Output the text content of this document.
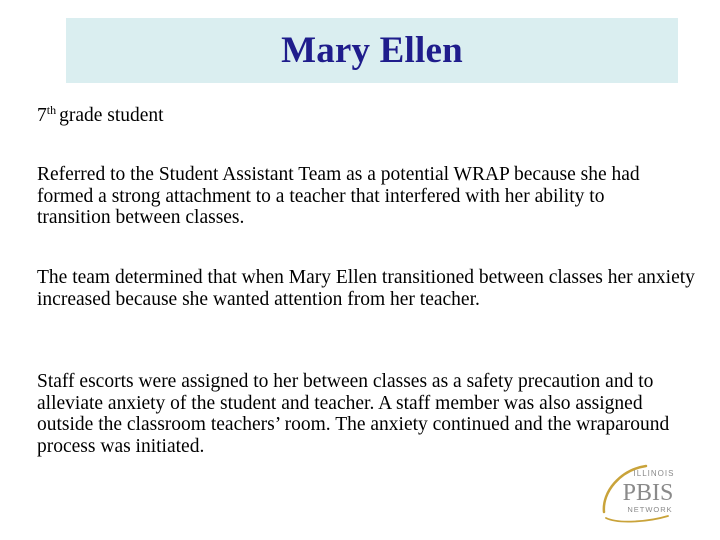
Mary Ellen

7th grade student

Referred to the Student Assistant Team as a potential WRAP because she had formed a strong attachment to a teacher that interfered with her ability to transition between classes.

The team determined that when Mary Ellen transitioned between classes her anxiety increased because she wanted attention from her teacher.

Staff escorts were assigned to her between classes as a safety precaution and to alleviate anxiety of the student and teacher. A staff member was also assigned outside the classroom teachers’ room. The anxiety continued and the wraparound process was initiated.

ILLINOIS
PBIS
NETWORK
